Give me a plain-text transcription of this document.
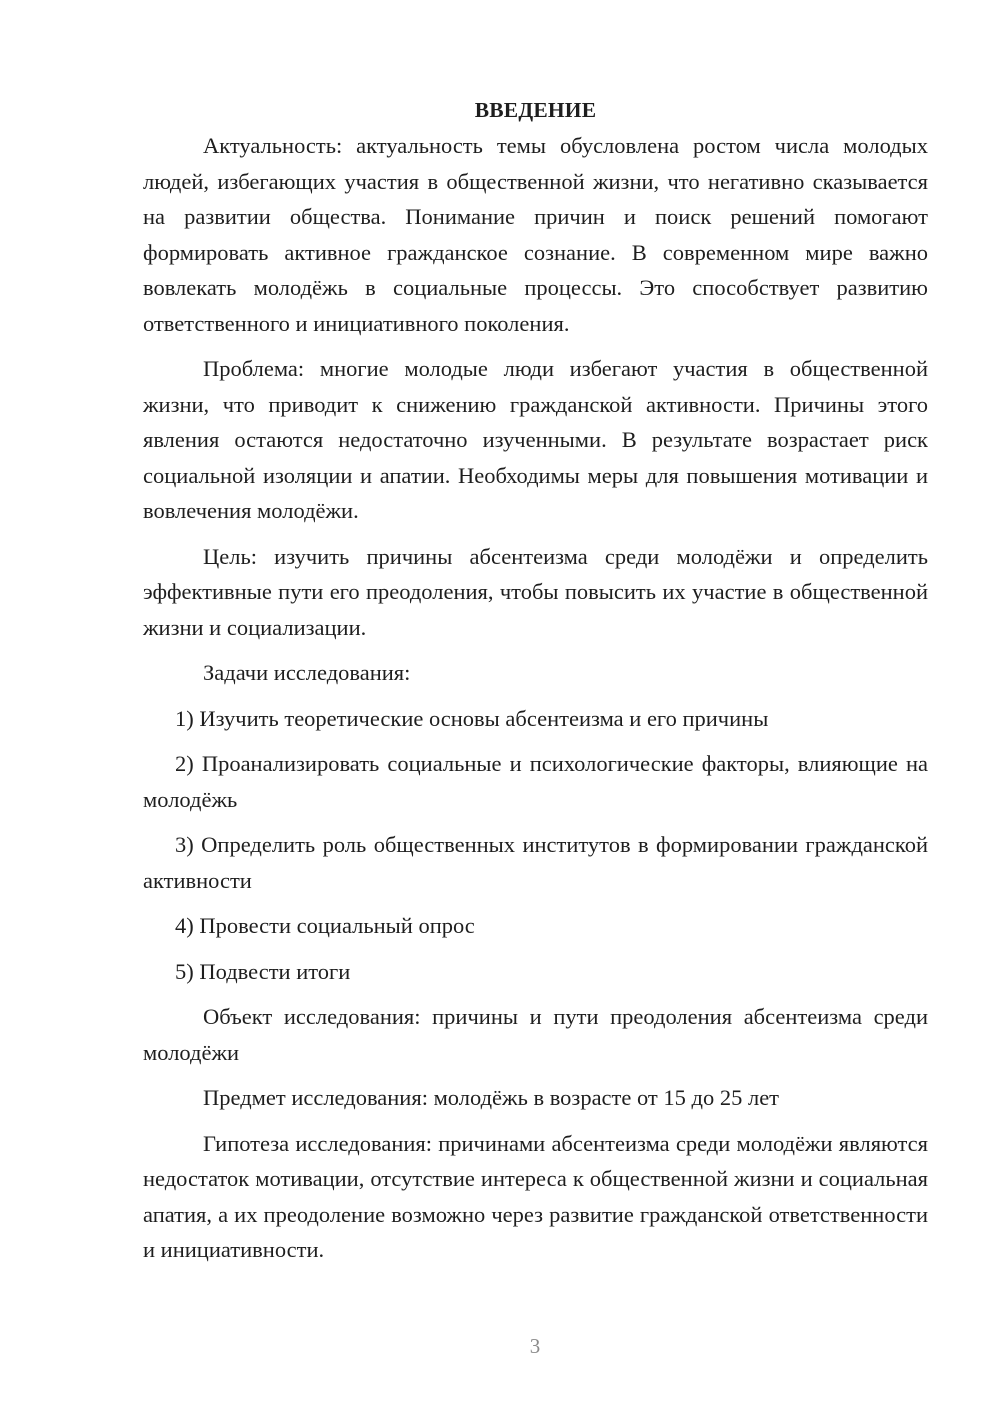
ВВЕДЕНИЕ

Актуальность: актуальность темы обусловлена ростом числа молодых людей, избегающих участия в общественной жизни, что негативно сказывается на развитии общества. Понимание причин и поиск решений помогают формировать активное гражданское сознание. В современном мире важно вовлекать молодёжь в социальные процессы. Это способствует развитию ответственного и инициативного поколения.

Проблема: многие молодые люди избегают участия в общественной жизни, что приводит к снижению гражданской активности. Причины этого явления остаются недостаточно изученными. В результате возрастает риск социальной изоляции и апатии. Необходимы меры для повышения мотивации и вовлечения молодёжи.

Цель: изучить причины абсентеизма среди молодёжи и определить эффективные пути его преодоления, чтобы повысить их участие в общественной жизни и социализации.

Задачи исследования:

1) Изучить теоретические основы абсентеизма и его причины

2) Проанализировать социальные и психологические факторы, влияющие на молодёжь

3) Определить роль общественных институтов в формировании гражданской активности

4) Провести социальный опрос

5) Подвести итоги

Объект исследования: причины и пути преодоления абсентеизма среди молодёжи

Предмет исследования: молодёжь в возрасте от 15 до 25 лет

Гипотеза исследования: причинами абсентеизма среди молодёжи являются недостаток мотивации, отсутствие интереса к общественной жизни и социальная апатия, а их преодоление возможно через развитие гражданской ответственности и инициативности.

3
